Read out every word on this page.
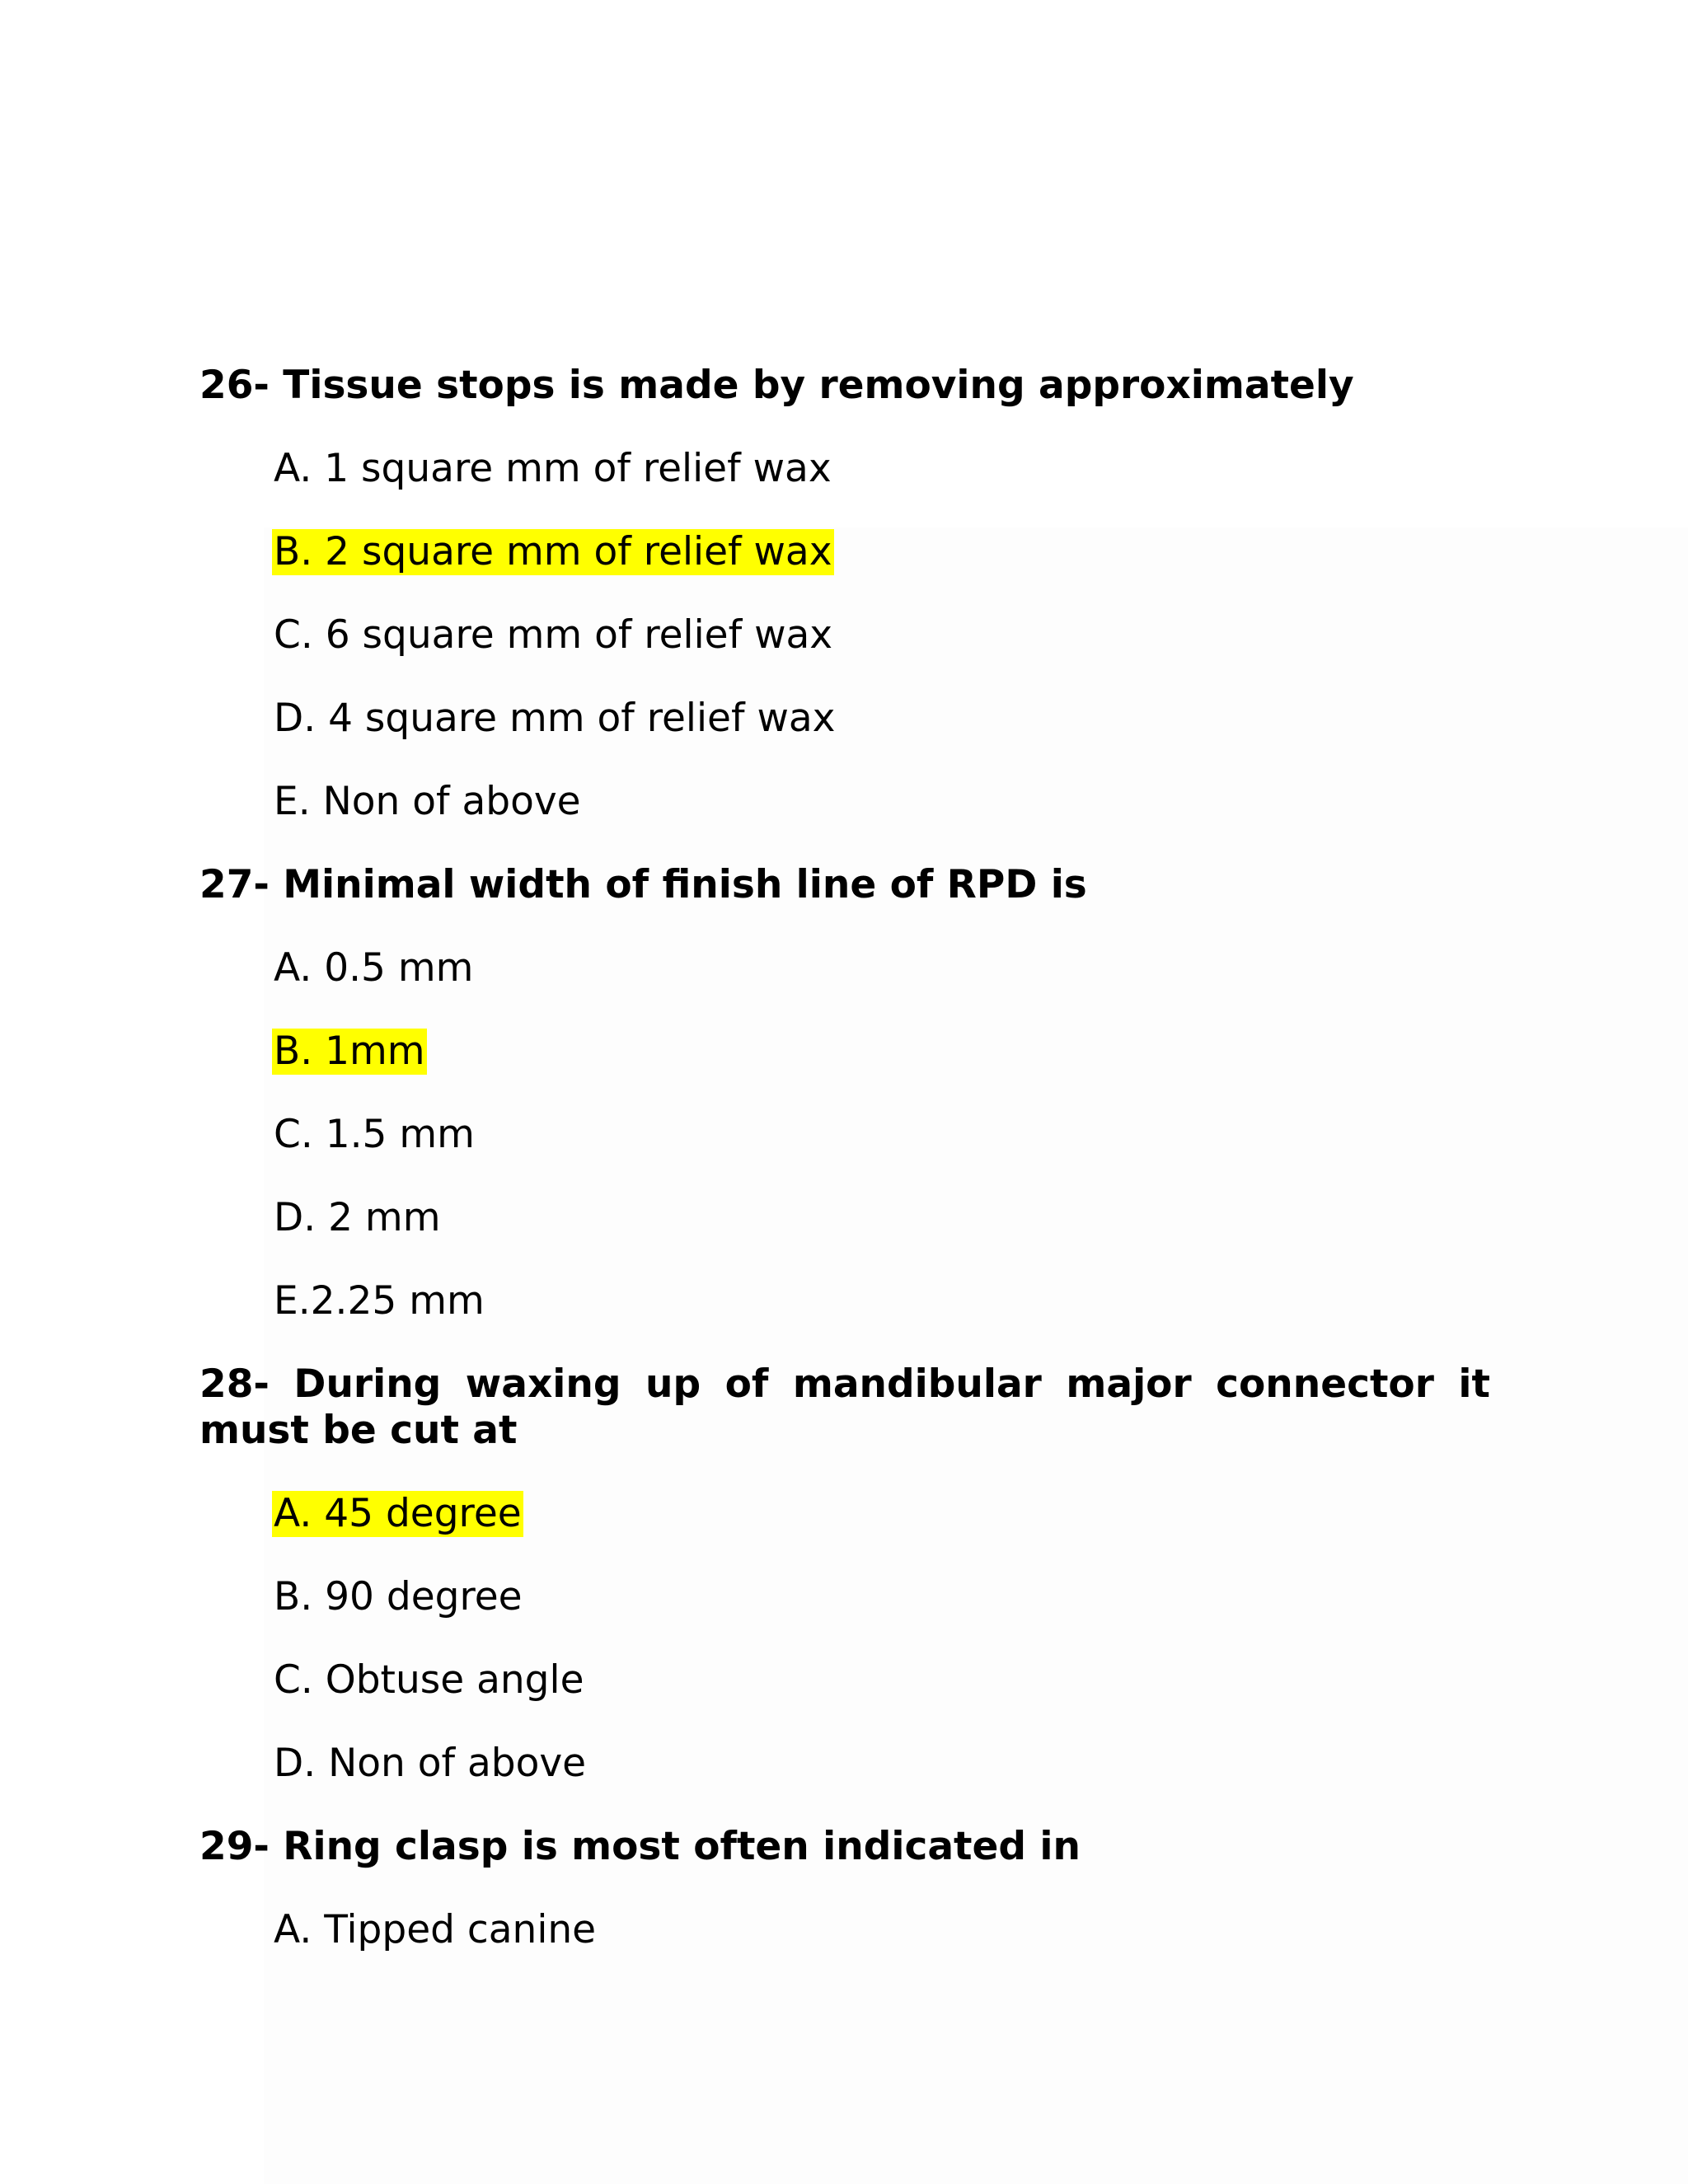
26- Tissue stops is made by removing approximately

A. 1 square mm of relief wax

B. 2 square mm of relief wax

C. 6 square mm of relief wax

D. 4 square mm of relief wax

E. Non of above

27- Minimal width of finish line of RPD is

A. 0.5 mm

B. 1mm

C. 1.5 mm

D. 2 mm

E.2.25 mm

28- During waxing up of mandibular major connector it
must be cut at

A. 45 degree

B. 90 degree

C. Obtuse angle

D. Non of above

29- Ring clasp is most often indicated in

A. Tipped canine
